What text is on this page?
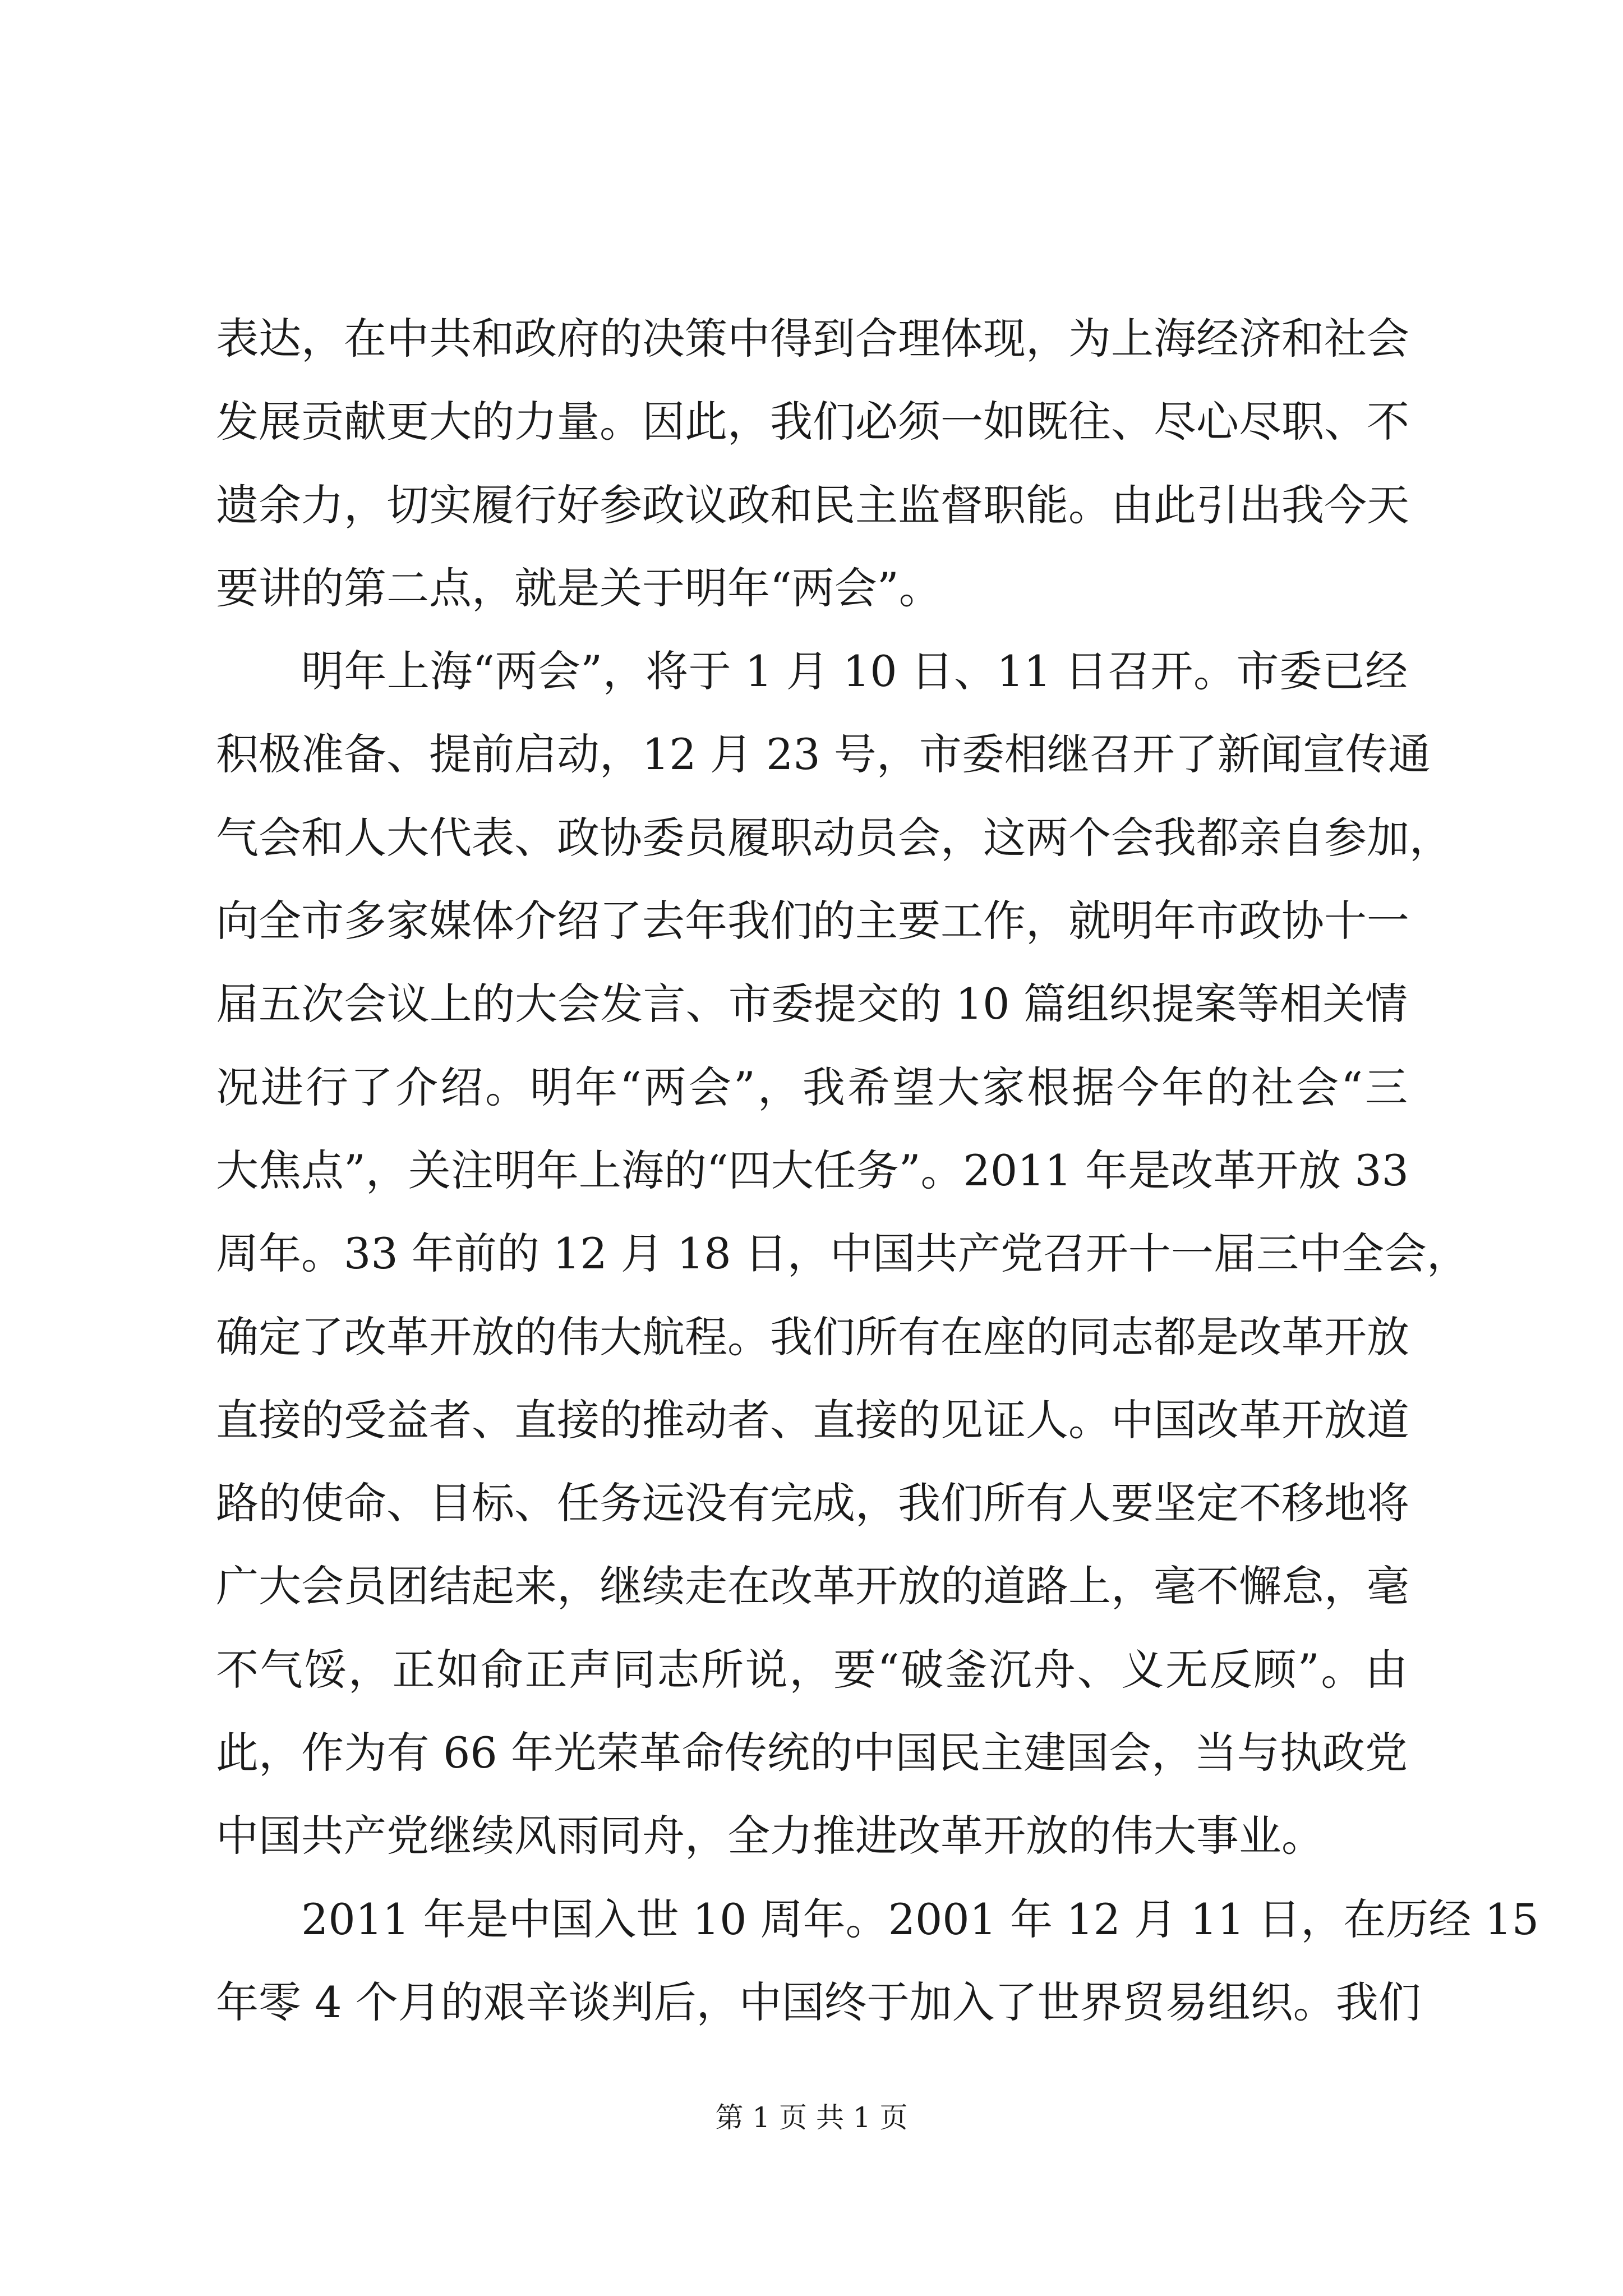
表达，在中共和政府的决策中得到合理体现，为上海经济和社会
发展贡献更大的力量。因此，我们必须一如既往、尽心尽职、不
遗余力，切实履行好参政议政和民主监督职能。由此引出我今天
要讲的第二点，就是关于明年“两会”。
明年上海“两会”，将于 1 月 10 日、11 日召开。市委已经
积极准备、提前启动，12 月 23 号，市委相继召开了新闻宣传通
气会和人大代表、政协委员履职动员会，这两个会我都亲自参加，
向全市多家媒体介绍了去年我们的主要工作，就明年市政协十一
届五次会议上的大会发言、市委提交的 10 篇组织提案等相关情
况进行了介绍。明年“两会”，我希望大家根据今年的社会“三
大焦点”，关注明年上海的“四大任务”。2011 年是改革开放 33
周年。33 年前的 12 月 18 日，中国共产党召开十一届三中全会，
确定了改革开放的伟大航程。我们所有在座的同志都是改革开放
直接的受益者、直接的推动者、直接的见证人。中国改革开放道
路的使命、目标、任务远没有完成，我们所有人要坚定不移地将
广大会员团结起来，继续走在改革开放的道路上，毫不懈怠，毫
不气馁，正如俞正声同志所说，要“破釜沉舟、义无反顾”。由
此，作为有 66 年光荣革命传统的中国民主建国会，当与执政党
中国共产党继续风雨同舟，全力推进改革开放的伟大事业。
2011 年是中国入世 10 周年。2001 年 12 月 11 日，在历经 15
年零 4 个月的艰辛谈判后，中国终于加入了世界贸易组织。我们
第 1 页 共 1 页
